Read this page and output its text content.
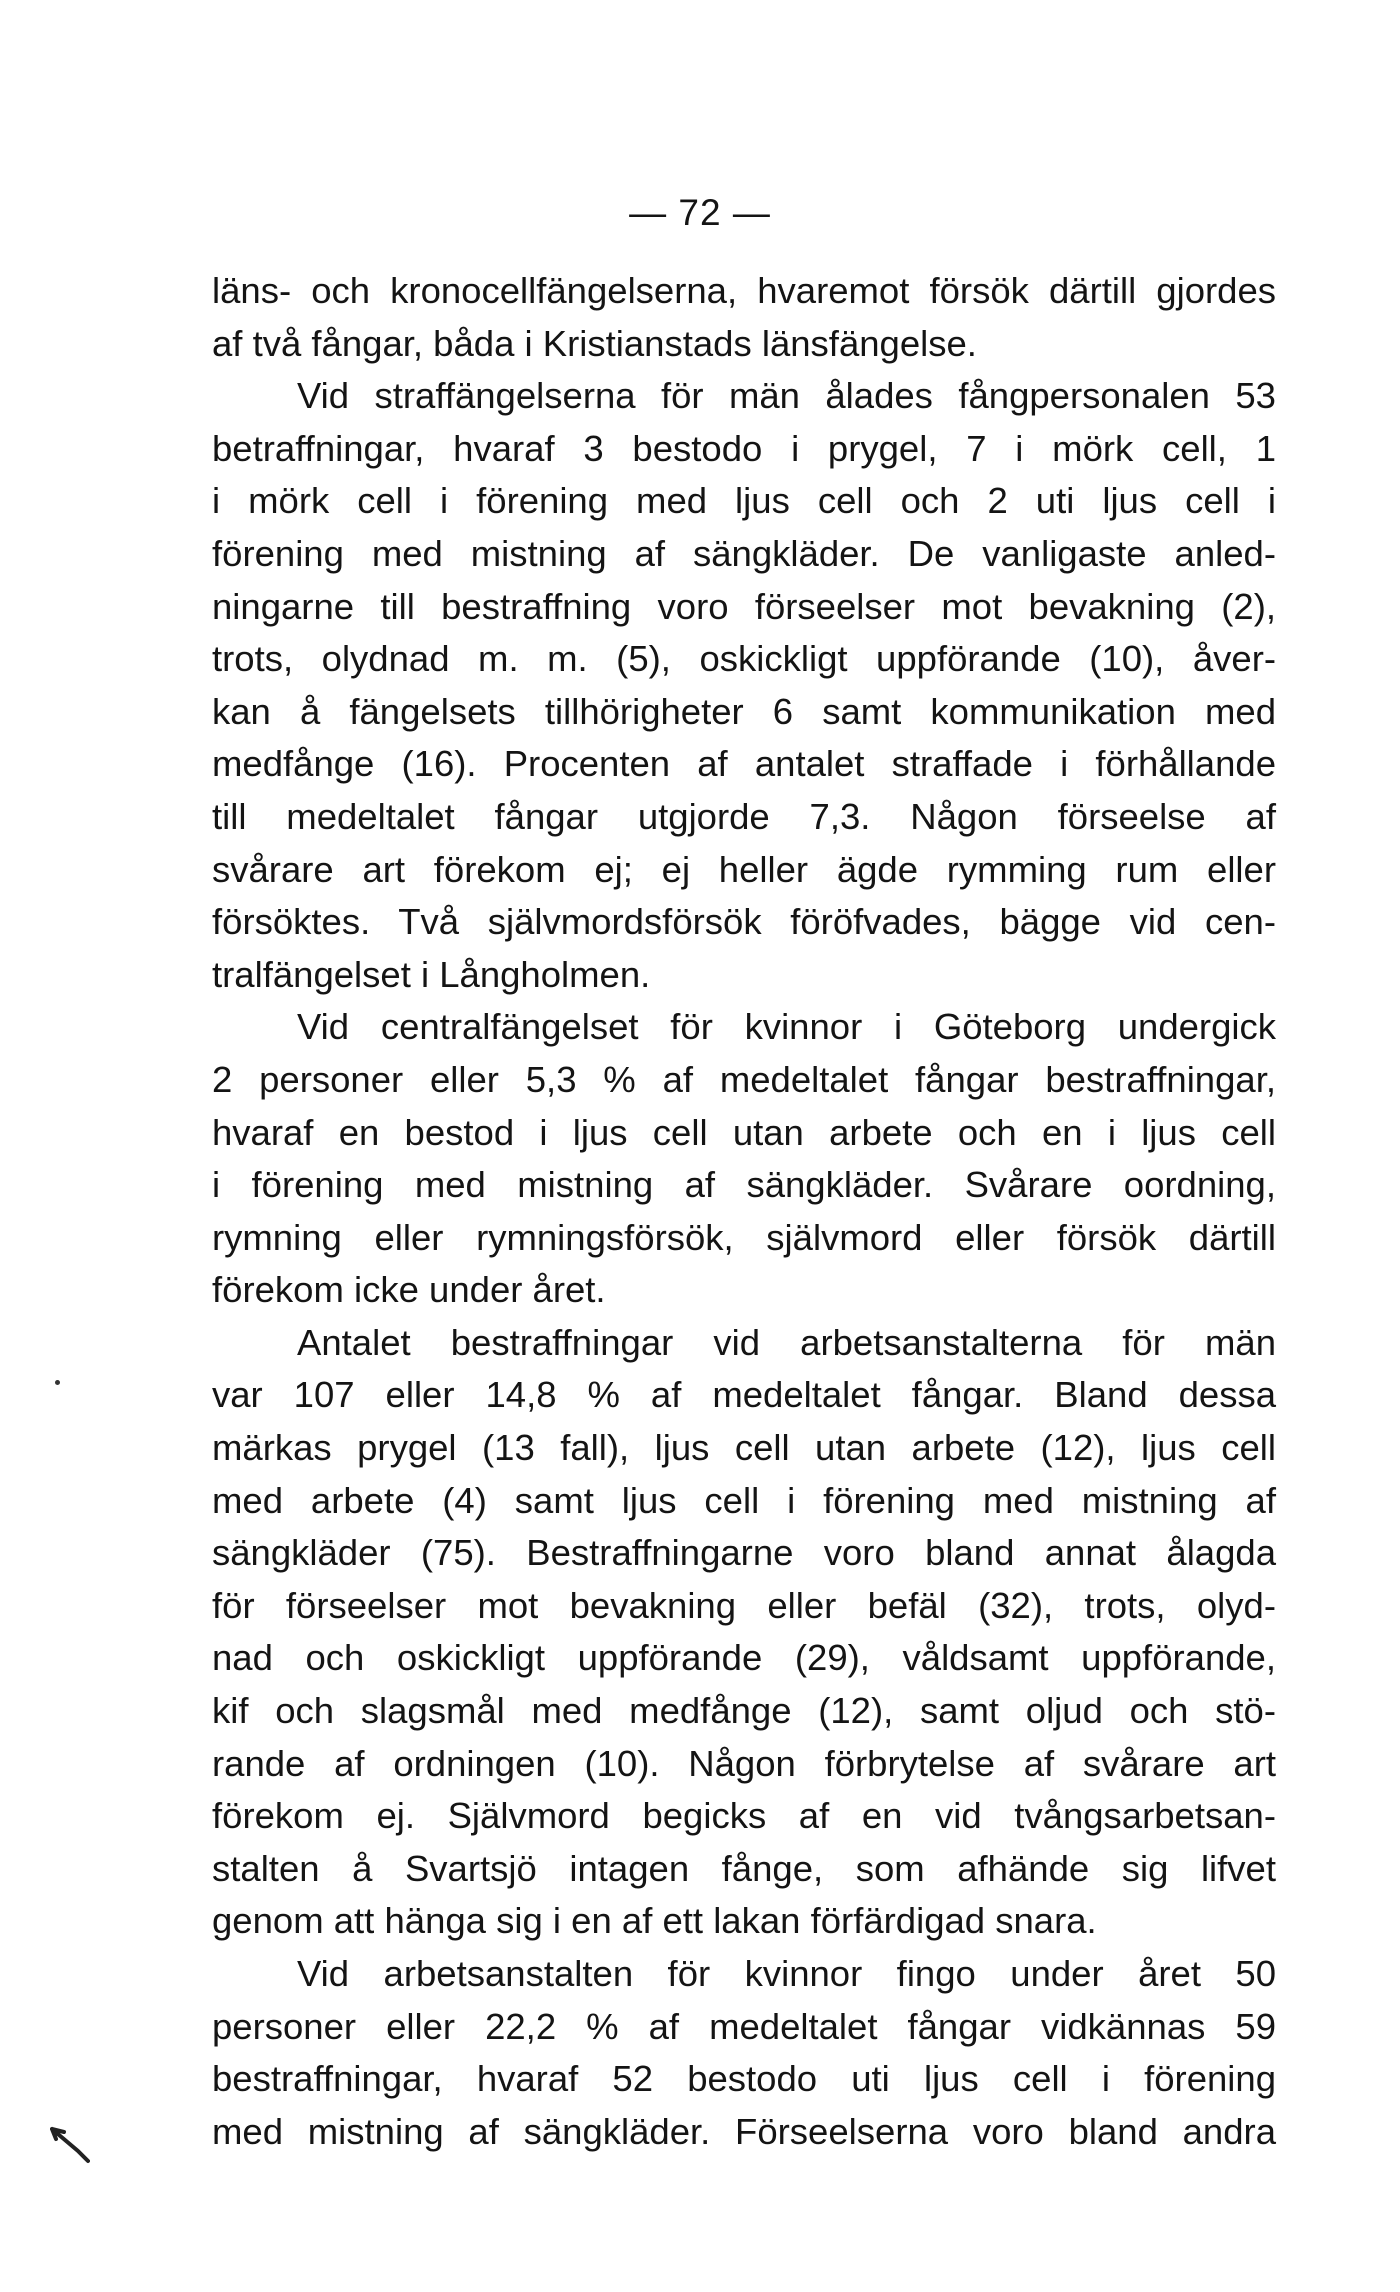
— 72 —
läns- och kronocellfängelserna, hvaremot försök därtill gjordes
af två fångar, båda i Kristianstads länsfängelse.
Vid straffängelserna för män ålades fångpersonalen 53
betraffningar, hvaraf 3 bestodo i prygel, 7 i mörk cell, 1
i mörk cell i förening med ljus cell och 2 uti ljus cell i
förening med mistning af sängkläder. De vanligaste anled-
ningarne till bestraffning voro förseelser mot bevakning (2),
trots, olydnad m. m. (5), oskickligt uppförande (10), åver-
kan å fängelsets tillhörigheter 6 samt kommunikation med
medfånge (16). Procenten af antalet straffade i förhållande
till medeltalet fångar utgjorde 7,3. Någon förseelse af
svårare art förekom ej; ej heller ägde rymming rum eller
försöktes. Två självmordsförsök föröfvades, bägge vid cen-
tralfängelset i Långholmen.
Vid centralfängelset för kvinnor i Göteborg undergick
2 personer eller 5,3 % af medeltalet fångar bestraffningar,
hvaraf en bestod i ljus cell utan arbete och en i ljus cell
i förening med mistning af sängkläder. Svårare oordning,
rymning eller rymningsförsök, självmord eller försök därtill
förekom icke under året.
Antalet bestraffningar vid arbetsanstalterna för män
var 107 eller 14,8 % af medeltalet fångar. Bland dessa
märkas prygel (13 fall), ljus cell utan arbete (12), ljus cell
med arbete (4) samt ljus cell i förening med mistning af
sängkläder (75). Bestraffningarne voro bland annat ålagda
för förseelser mot bevakning eller befäl (32), trots, olyd-
nad och oskickligt uppförande (29), våldsamt uppförande,
kif och slagsmål med medfånge (12), samt oljud och stö-
rande af ordningen (10). Någon förbrytelse af svårare art
förekom ej. Självmord begicks af en vid tvångsarbetsan-
stalten å Svartsjö intagen fånge, som afhände sig lifvet
genom att hänga sig i en af ett lakan förfärdigad snara.
Vid arbetsanstalten för kvinnor fingo under året 50
personer eller 22,2 % af medeltalet fångar vidkännas 59
bestraffningar, hvaraf 52 bestodo uti ljus cell i förening
med mistning af sängkläder. Förseelserna voro bland andra
